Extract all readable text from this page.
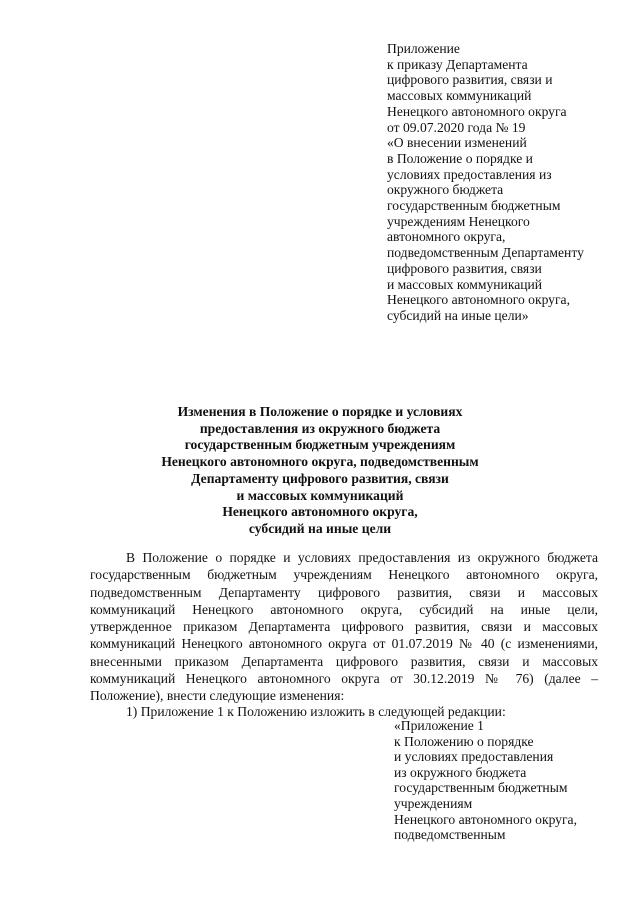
Приложение
к приказу Департамента
цифрового развития, связи и
массовых коммуникаций
Ненецкого автономного округа
от 09.07.2020 года № 19
«О внесении изменений
в Положение о порядке и
условиях предоставления из
окружного бюджета
государственным бюджетным
учреждениям Ненецкого
автономного округа,
подведомственным Департаменту
цифрового развития, связи
и массовых коммуникаций
Ненецкого автономного округа,
субсидий на иные цели»
Изменения в Положение о порядке и условиях
предоставления из окружного бюджета
государственным бюджетным учреждениям
Ненецкого автономного округа, подведомственным
Департаменту цифрового развития, связи
и массовых коммуникаций
Ненецкого автономного округа,
субсидий на иные цели
В Положение о порядке и условиях предоставления из окружного бюджета
государственным бюджетным учреждениям Ненецкого автономного округа,
подведомственным Департаменту цифрового развития, связи и массовых
коммуникаций Ненецкого автономного округа, субсидий на иные цели,
утвержденное приказом Департамента цифрового развития, связи и массовых
коммуникаций Ненецкого автономного округа от 01.07.2019 № 40 (с изменениями,
внесенными приказом Департамента цифрового развития, связи и массовых
коммуникаций Ненецкого автономного округа от 30.12.2019 № 76) (далее –
Положение), внести следующие изменения:
1) Приложение 1 к Положению изложить в следующей редакции:
«Приложение 1
к Положению о порядке
и условиях предоставления
из окружного бюджета
государственным бюджетным
учреждениям
Ненецкого автономного округа,
подведомственным
